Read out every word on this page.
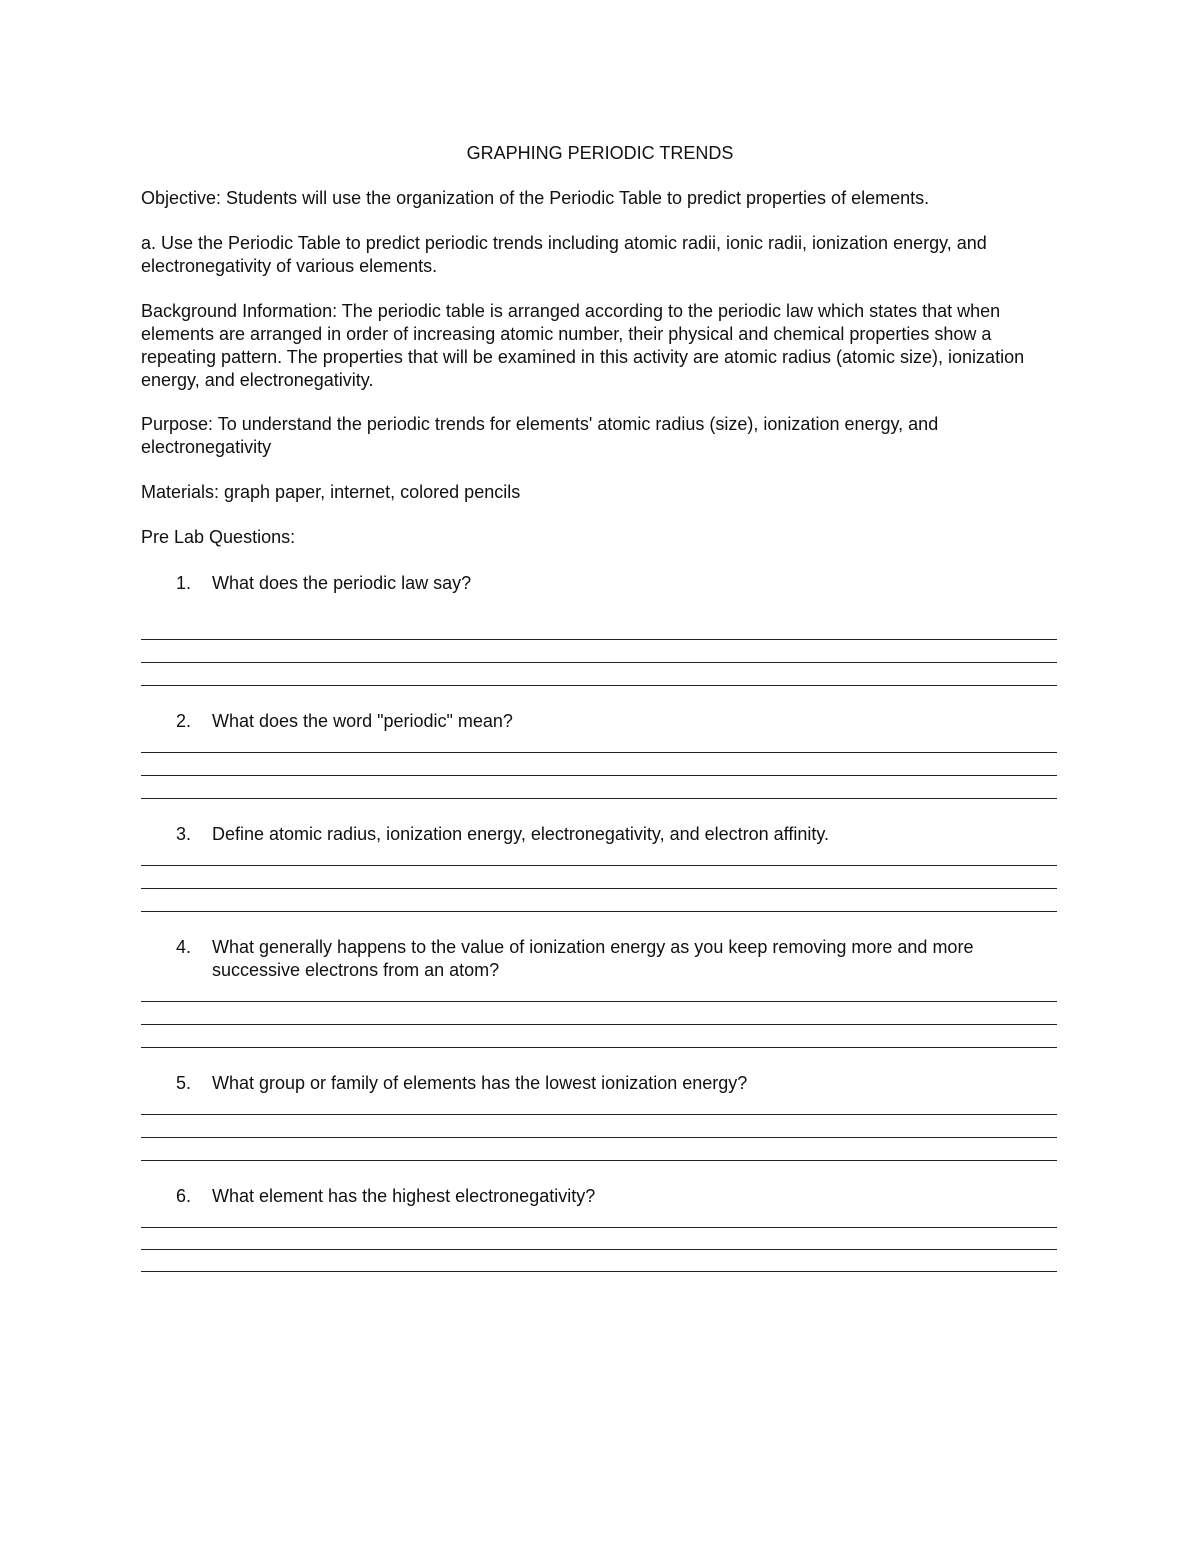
GRAPHING PERIODIC TRENDS

Objective: Students will use the organization of the Periodic Table to predict properties of elements.

a. Use the Periodic Table to predict periodic trends including atomic radii, ionic radii, ionization energy, and electronegativity of various elements.

Background Information: The periodic table is arranged according to the periodic law which states that when elements are arranged in order of increasing atomic number, their physical and chemical properties show a repeating pattern. The properties that will be examined in this activity are atomic radius (atomic size), ionization energy, and electronegativity.

Purpose: To understand the periodic trends for elements' atomic radius (size), ionization energy, and electronegativity

Materials: graph paper, internet, colored pencils

Pre Lab Questions:

1. What does the periodic law say?
2. What does the word "periodic" mean?
3. Define atomic radius, ionization energy, electronegativity, and electron affinity.
4. What generally happens to the value of ionization energy as you keep removing more and more successive electrons from an atom?
5. What group or family of elements has the lowest ionization energy?
6. What element has the highest electronegativity?
